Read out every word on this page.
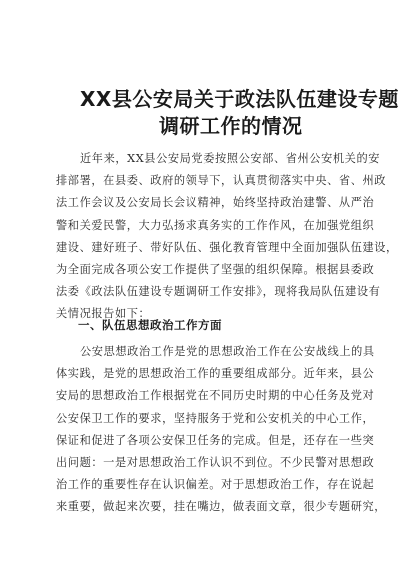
XX县公安局关于政法队伍建设专题
调研工作的情况
近年来，XX县公安局党委按照公安部、省州公安机关的安
排部署，在县委、政府的领导下，认真贯彻落实中央、省、州政
法工作会议及公安局长会议精神，始终坚持政治建警、从严治
警和关爱民警，大力弘扬求真务实的工作作风，在加强党组织
建设、建好班子、带好队伍、强化教育管理中全面加强队伍建设，
为全面完成各项公安工作提供了坚强的组织保障。根据县委政
法委《政法队伍建设专题调研工作安排》，现将我局队伍建设有
关情况报告如下：
一、队伍思想政治工作方面
公安思想政治工作是党的思想政治工作在公安战线上的具
体实践，是党的思想政治工作的重要组成部分。近年来，县公
安局的思想政治工作根据党在不同历史时期的中心任务及党对
公安保卫工作的要求，坚持服务于党和公安机关的中心工作，
保证和促进了各项公安保卫任务的完成。但是，还存在一些突
出问题：一是对思想政治工作认识不到位。不少民警对思想政
治工作的重要性存在认识偏差。对于思想政治工作，存在说起
来重要，做起来次要，挂在嘴边，做表面文章，很少专题研究，
